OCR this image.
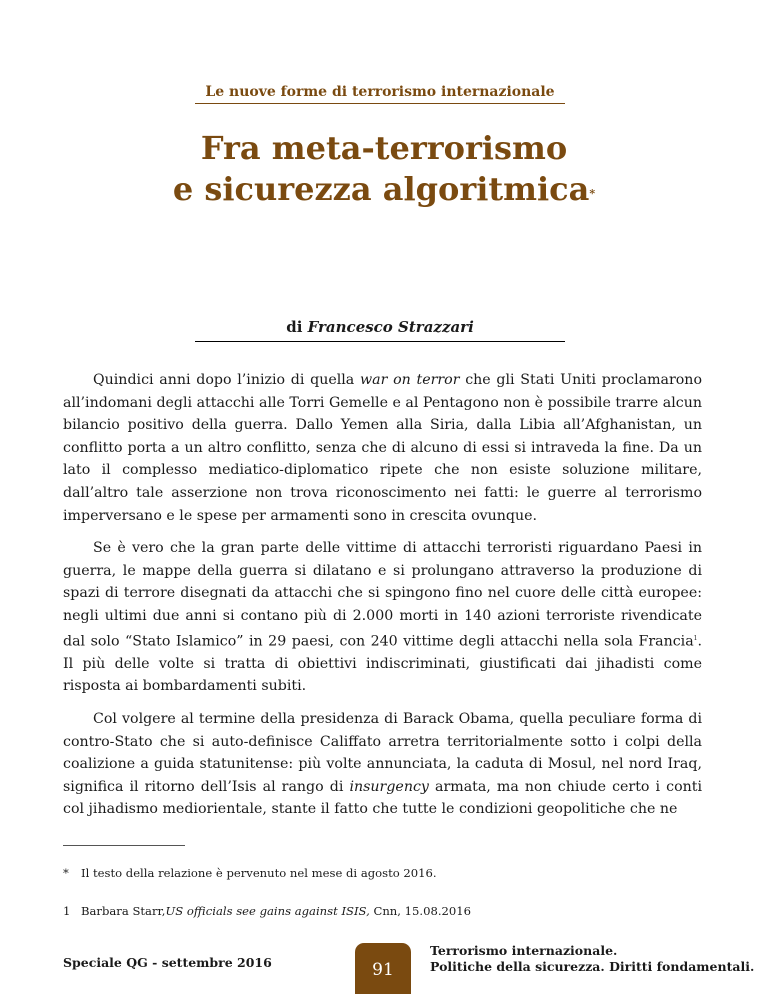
Le nuove forme di terrorismo internazionale
Fra meta-terrorismo
e sicurezza algoritmica*
di Francesco Strazzari

Quindici anni dopo l’inizio di quella war on terror che gli Stati Uniti proclamarono all’indomani degli attacchi alle Torri Gemelle e al Pentagono non è possibile trarre alcun bilancio positivo della guerra. Dallo Yemen alla Siria, dalla Libia all’Afghanistan, un conflitto porta a un altro conflitto, senza che di alcuno di essi si intraveda la fine. Da un lato il complesso mediatico-diplomatico ripete che non esiste soluzione militare, dall’altro tale asserzione non trova riconoscimento nei fatti: le guerre al terrorismo imperversano e le spese per armamenti sono in crescita ovunque.

Se è vero che la gran parte delle vittime di attacchi terroristi riguardano Paesi in guerra, le mappe della guerra si dilatano e si prolungano attraverso la produzione di spazi di terrore disegnati da attacchi che si spingono fino nel cuore delle città europee: negli ultimi due anni si contano più di 2.000 morti in 140 azioni terroriste rivendicate dal solo “Stato Islamico” in 29 paesi, con 240 vittime degli attacchi nella sola Francia$^1$. Il più delle volte si tratta di obiettivi indiscriminati, giustificati dai jihadisti come risposta ai bombardamenti subiti.

Col volgere al termine della presidenza di Barack Obama, quella peculiare forma di contro-Stato che si auto-definisce Califfato arretra territorialmente sotto i colpi della coalizione a guida statunitense: più volte annunciata, la caduta di Mosul, nel nord Iraq, significa il ritorno dell’Isis al rango di insurgency armata, ma non chiude certo i conti col jihadismo mediorientale, stante il fatto che tutte le condizioni geopolitiche che ne

* Il testo della relazione è pervenuto nel mese di agosto 2016.
1 Barbara Starr,US officials see gains against ISIS, Cnn, 15.08.2016
Speciale QG - settembre 2016	91
Terrorismo internazionale.
Politiche della sicurezza. Diritti fondamentali.
